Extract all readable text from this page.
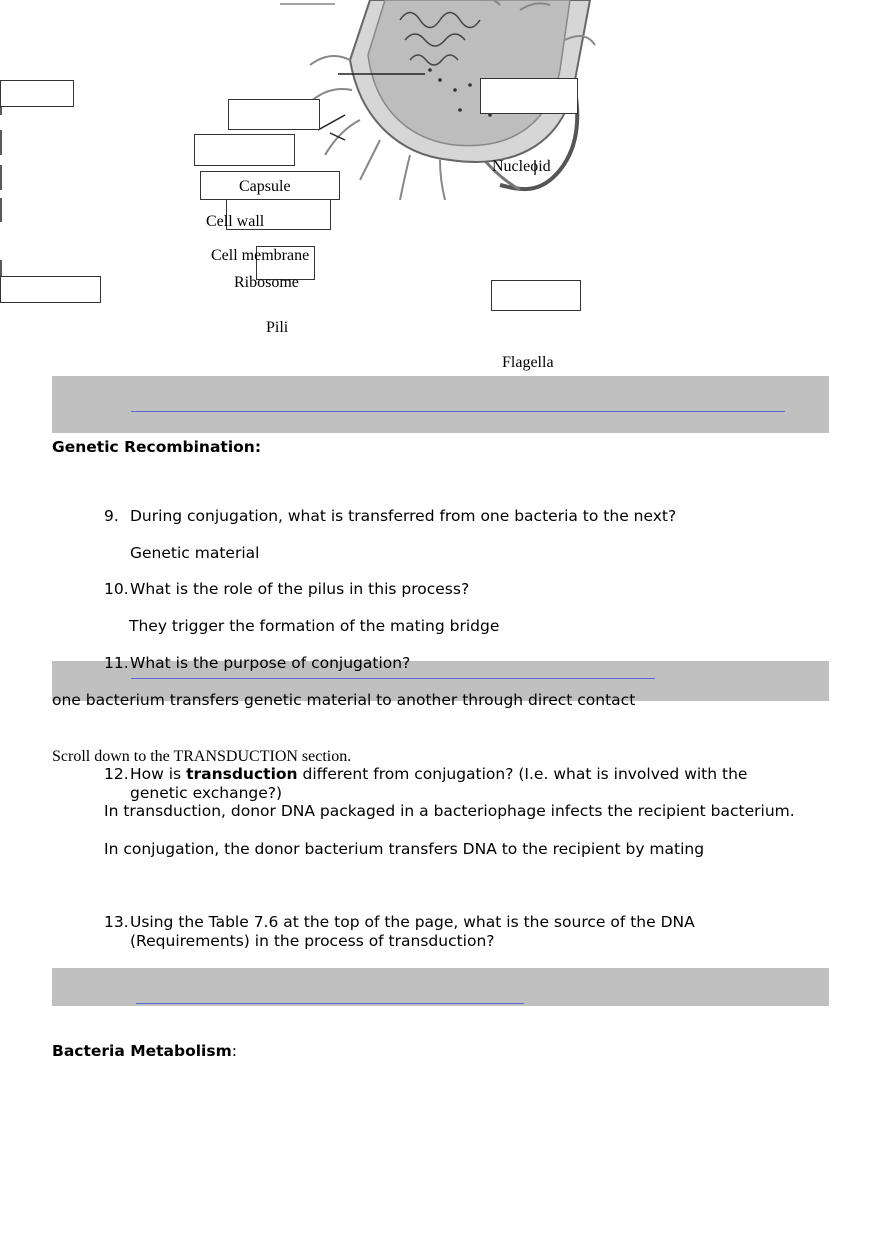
Nucleoid
Capsule
Cell wall
Cell membrane
Ribosome
Pili
Flagella
Genetic Recombination:
9. During conjugation, what is transferred from one bacteria to the next?
Genetic material
10. What is the role of the pilus in this process?
They trigger the formation of the mating bridge
11. What is the purpose of conjugation?
one bacterium transfers genetic material to another through direct contact
Scroll down to the TRANSDUCTION section.
12. How is transduction different from conjugation? (I.e. what is involved with the
genetic exchange?)
In transduction, donor DNA packaged in a bacteriophage infects the recipient bacterium.
In conjugation, the donor bacterium transfers DNA to the recipient by mating
13. Using the Table 7.6 at the top of the page, what is the source of the DNA
(Requirements) in the process of transduction?
Bacteria Metabolism:
